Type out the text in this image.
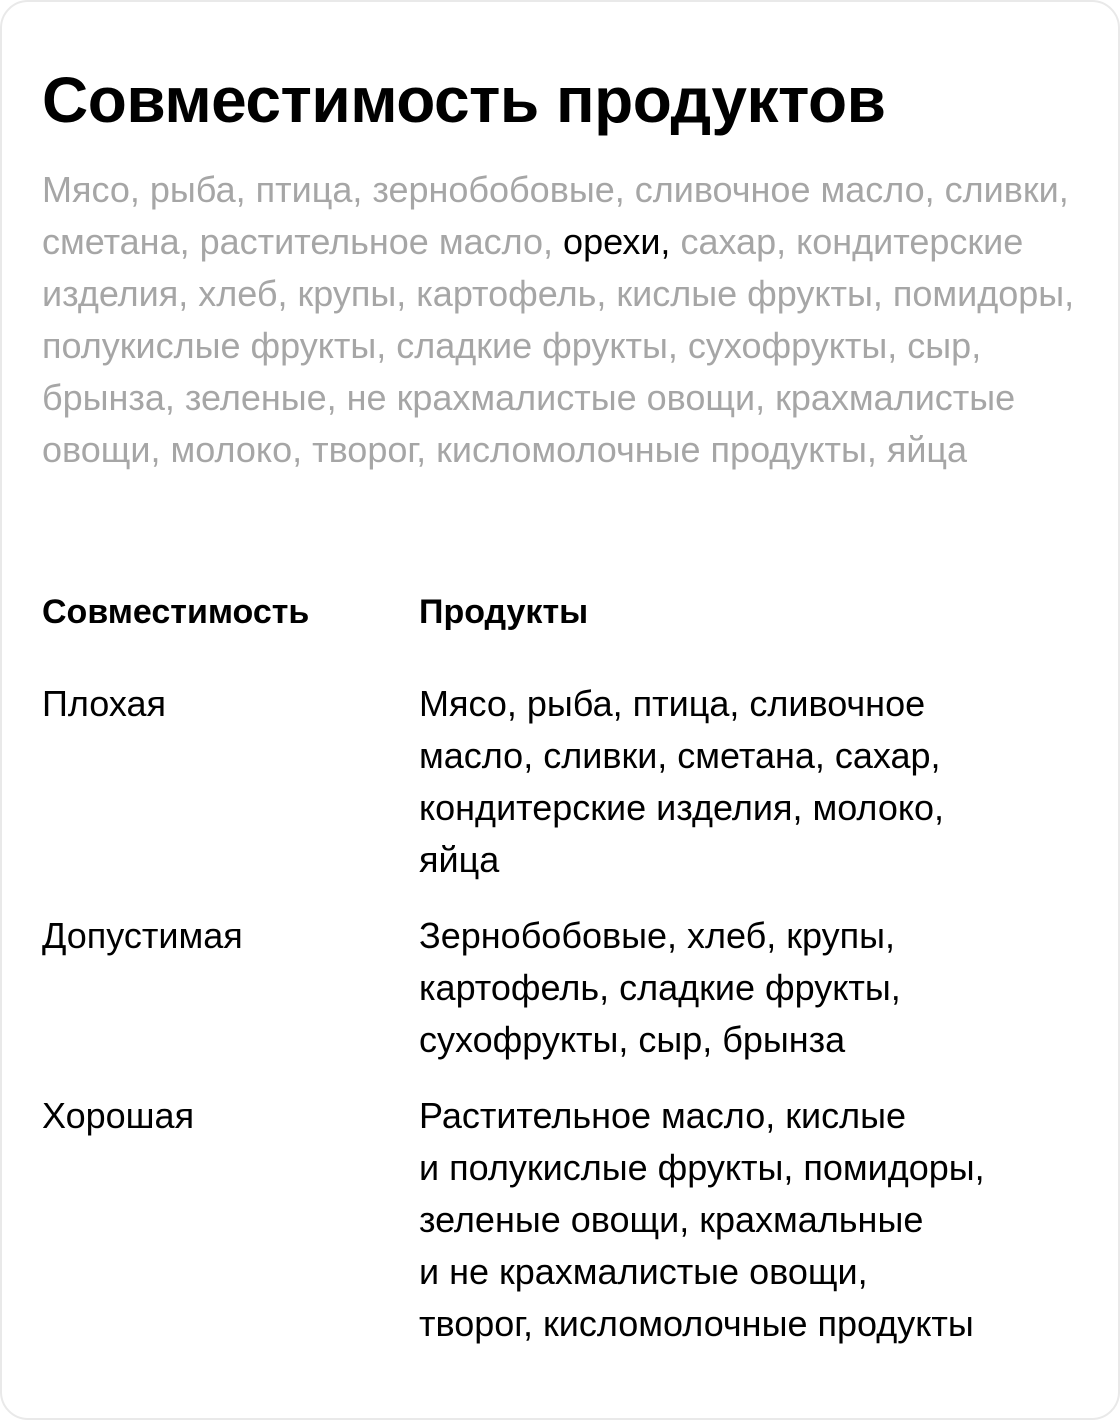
Совместимость продуктов
Мясо, рыба, птица, зернобобовые, сливочное масло, сливки, сметана, растительное масло, орехи, сахар, кондитерские изделия, хлеб, крупы, картофель, кислые фрукты, помидоры, полукислые фрукты, сладкие фрукты, сухофрукты, сыр, брынза, зеленые, не крахмалистые овощи, крахмалистые овощи, молоко, творог, кисломолочные продукты, яйца
Совместимость	Продукты
Плохая	Мясо, рыба, птица, сливочное
масло, сливки, сметана, сахар,
кондитерские изделия, молоко,
яйца
Допустимая	Зернобобовые, хлеб, крупы,
картофель, сладкие фрукты,
сухофрукты, сыр, брынза
Хорошая	Растительное масло, кислые
и полукислые фрукты, помидоры,
зеленые овощи, крахмальные
и не крахмалистые овощи,
творог, кисломолочные продукты
